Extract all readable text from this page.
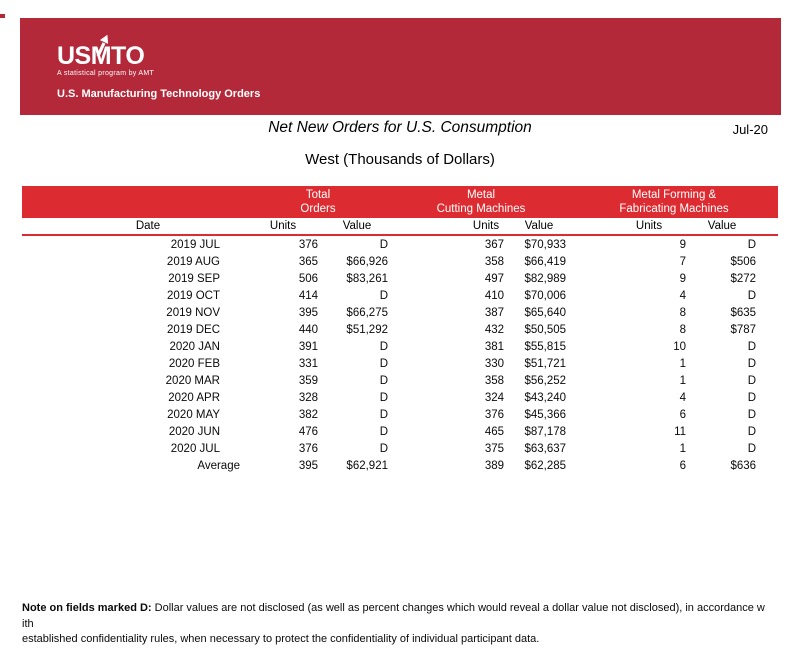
USMTO
A statistical program by AMT
U.S. Manufacturing Technology Orders
Net New Orders for U.S. Consumption	Jul-20
West (Thousands of Dollars)

Total
Orders

Metal
Cutting Machines

Metal Forming &
Fabricating Machines

Date	Units	Value		Units	Value		Units	Value
2019 JUL	376	D		367	$70,933		9	D
2019 AUG	365	$66,926		358	$66,419		7	$506
2019 SEP	506	$83,261		497	$82,989		9	$272
2019 OCT	414	D		410	$70,006		4	D
2019 NOV	395	$66,275		387	$65,640		8	$635
2019 DEC	440	$51,292		432	$50,505		8	$787
2020 JAN	391	D		381	$55,815		10	D
2020 FEB	331	D		330	$51,721		1	D
2020 MAR	359	D		358	$56,252		1	D
2020 APR	328	D		324	$43,240		4	D
2020 MAY	382	D		376	$45,366		6	D
2020 JUN	476	D		465	$87,178		11	D
2020 JUL	376	D		375	$63,637		1	D
Average	395	$62,921		389	$62,285		6	$636
Note on fields marked D: Dollar values are not disclosed (as well as percent changes which would reveal a dollar value not disclosed), in accordance w ith
established confidentiality rules, when necessary to protect the confidentiality of individual participant data.
